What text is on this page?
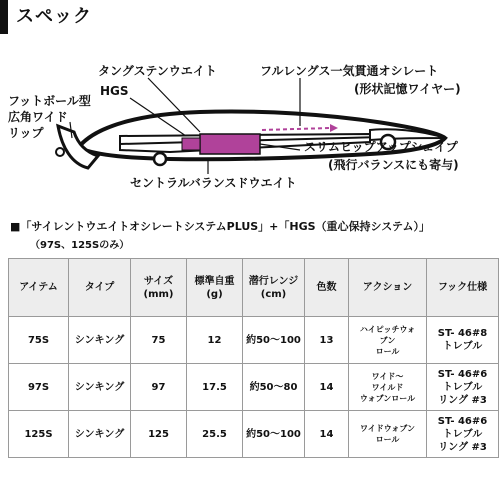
スペック
タングステンウエイト
HGS
フルレングス一気貫通オシレート
(形状記憶ワイヤー)
フットボール型
広角ワイド
リップ
スリムヒップアップシェイプ
(飛行バランスにも寄与)
セントラルバランスドウエイト
■「サイレントウエイトオシレートシステムPLUS」+「HGS（重心保持システム）」
（97S、125Sのみ）
アイテム	タイプ	サイズ
(mm)	標準自重
(g)	潜行レンジ
(cm)	色数	アクション	フック仕様
75S	シンキング	75	12	約50〜100	13	ハイピッチウォ
ブン
ロール	ST- 46#8
トレブル
97S	シンキング	97	17.5	約50〜80	14	ワイド〜
ワイルド
ウォブンロール	ST- 46#6
トレブル
リング #3
125S	シンキング	125	25.5	約50〜100	14	ワイドウォブン
ロール	ST- 46#6
トレブル
リング #3
